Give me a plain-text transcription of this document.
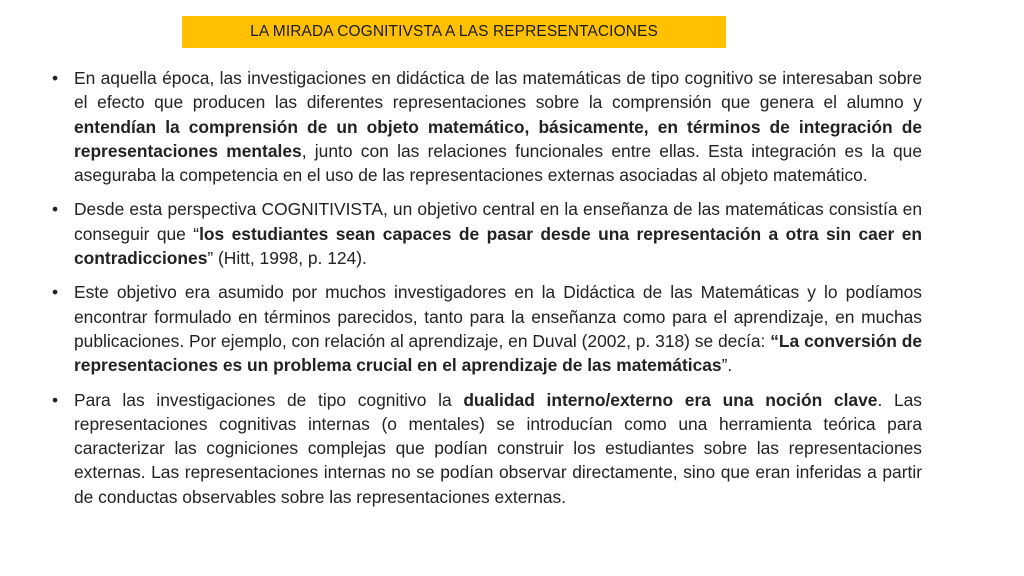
LA MIRADA COGNITIVSTA A LAS REPRESENTACIONES
• En aquella época, las investigaciones en didáctica de las matemáticas de tipo cognitivo se interesaban sobre el efecto que producen las diferentes representaciones sobre la comprensión que genera el alumno y entendían la comprensión de un objeto matemático, básicamente, en términos de integración de representaciones mentales, junto con las relaciones funcionales entre ellas. Esta integración es la que aseguraba la competencia en el uso de las representaciones externas asociadas al objeto matemático.
• Desde esta perspectiva COGNITIVISTA, un objetivo central en la enseñanza de las matemáticas consistía en conseguir que “los estudiantes sean capaces de pasar desde una representación a otra sin caer en contradicciones” (Hitt, 1998, p. 124).
• Este objetivo era asumido por muchos investigadores en la Didáctica de las Matemáticas y lo podíamos encontrar formulado en términos parecidos, tanto para la enseñanza como para el aprendizaje, en muchas publicaciones. Por ejemplo, con relación al aprendizaje, en Duval (2002, p. 318) se decía: “La conversión de representaciones es un problema crucial en el aprendizaje de las matemáticas”.
• Para las investigaciones de tipo cognitivo la dualidad interno/externo era una noción clave. Las representaciones cognitivas internas (o mentales) se introducían como una herramienta teórica para caracterizar las cogniciones complejas que podían construir los estudiantes sobre las representaciones externas. Las representaciones internas no se podían observar directamente, sino que eran inferidas a partir de conductas observables sobre las representaciones externas.
